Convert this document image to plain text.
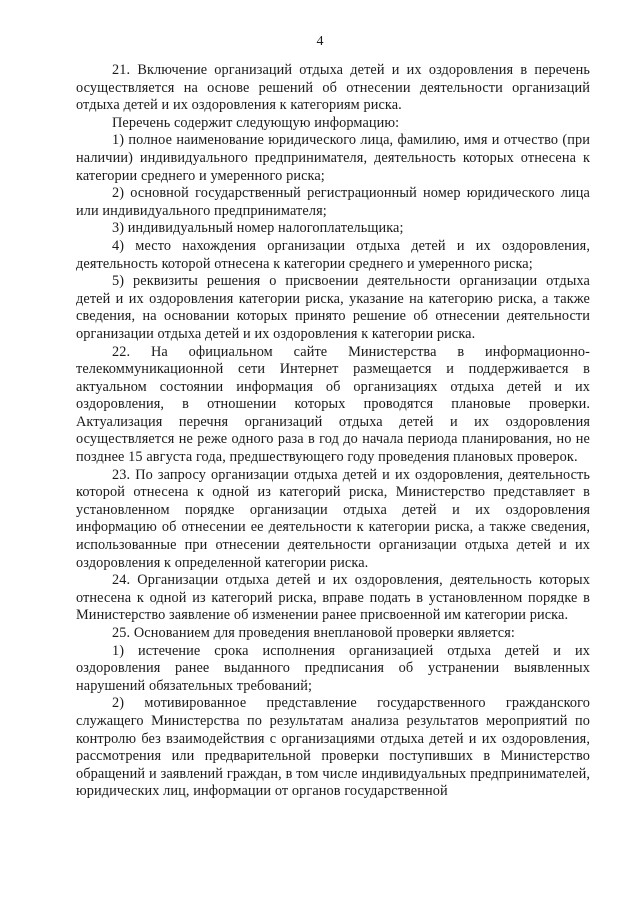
4

21. Включение организаций отдыха детей и их оздоровления в перечень осуществляется на основе решений об отнесении деятельности организаций отдыха детей и их оздоровления к категориям риска.

Перечень содержит следующую информацию:

1) полное наименование юридического лица, фамилию, имя и отчество (при наличии) индивидуального предпринимателя, деятельность которых отнесена к категории среднего и умеренного риска;

2) основной государственный регистрационный номер юридического лица или индивидуального предпринимателя;

3) индивидуальный номер налогоплательщика;

4) место нахождения организации отдыха детей и их оздоровления, деятельность которой отнесена к категории среднего и умеренного риска;

5) реквизиты решения о присвоении деятельности организации отдыха детей и их оздоровления категории риска, указание на категорию риска, а также сведения, на основании которых принято решение об отнесении деятельности организации отдыха детей и их оздоровления к категории риска.

22. На официальном сайте Министерства в информационно-телекоммуникационной сети Интернет размещается и поддерживается в актуальном состоянии информация об организациях отдыха детей и их оздоровления, в отношении которых проводятся плановые проверки. Актуализация перечня организаций отдыха детей и их оздоровления осуществляется не реже одного раза в год до начала периода планирования, но не позднее 15 августа года, предшествующего году проведения плановых проверок.

23. По запросу организации отдыха детей и их оздоровления, деятельность которой отнесена к одной из категорий риска, Министерство представляет в установленном порядке организации отдыха детей и их оздоровления информацию об отнесении ее деятельности к категории риска, а также сведения, использованные при отнесении деятельности организации отдыха детей и их оздоровления к определенной категории риска.

24. Организации отдыха детей и их оздоровления, деятельность которых отнесена к одной из категорий риска, вправе подать в установленном порядке в Министерство заявление об изменении ранее присвоенной им категории риска.

25. Основанием для проведения внеплановой проверки является:

1) истечение срока исполнения организацией отдыха детей и их оздоровления ранее выданного предписания об устранении выявленных нарушений обязательных требований;

2) мотивированное представление государственного гражданского служащего Министерства по результатам анализа результатов мероприятий по контролю без взаимодействия с организациями отдыха детей и их оздоровления, рассмотрения или предварительной проверки поступивших в Министерство обращений и заявлений граждан, в том числе индивидуальных предпринимателей, юридических лиц, информации от органов государственной
